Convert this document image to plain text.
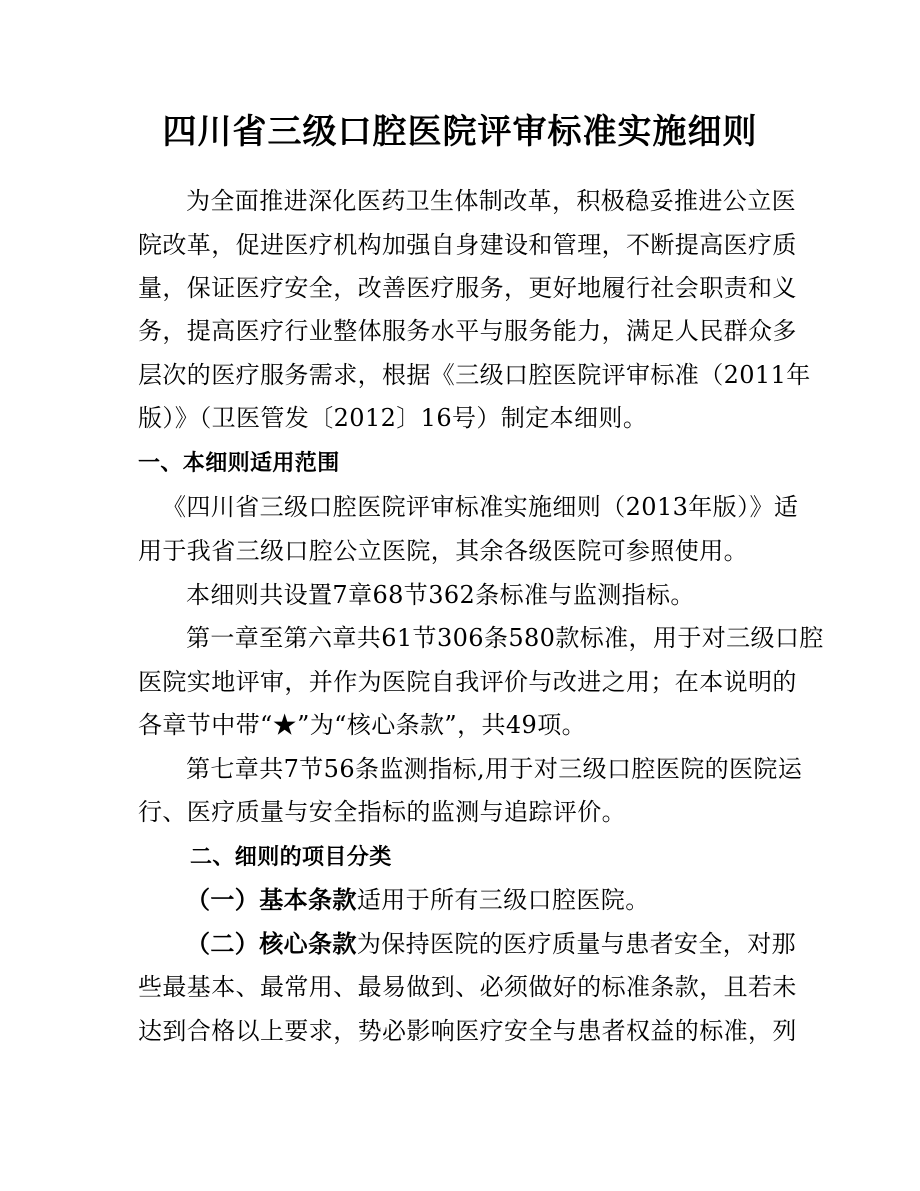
四川省三级口腔医院评审标准实施细则
为全面推进深化医药卫生体制改革，积极稳妥推进公立医
院改革，促进医疗机构加强自身建设和管理，不断提高医疗质
量，保证医疗安全，改善医疗服务，更好地履行社会职责和义
务，提高医疗行业整体服务水平与服务能力，满足人民群众多
层次的医疗服务需求，根据《三级口腔医院评审标准（2011年
版）》（卫医管发〔2012〕16号）制定本细则。
一、本细则适用范围
《四川省三级口腔医院评审标准实施细则（2013年版）》适
用于我省三级口腔公立医院，其余各级医院可参照使用。
本细则共设置7章68节362条标准与监测指标。
第一章至第六章共61节306条580款标准，用于对三级口腔
医院实地评审，并作为医院自我评价与改进之用；在本说明的
各章节中带“★”为“核心条款”，共49项。
第七章共7节56条监测指标,用于对三级口腔医院的医院运
行、医疗质量与安全指标的监测与追踪评价。
二、细则的项目分类
（一）基本条款适用于所有三级口腔医院。
（二）核心条款为保持医院的医疗质量与患者安全，对那
些最基本、最常用、最易做到、必须做好的标准条款，且若未
达到合格以上要求，势必影响医疗安全与患者权益的标准，列
